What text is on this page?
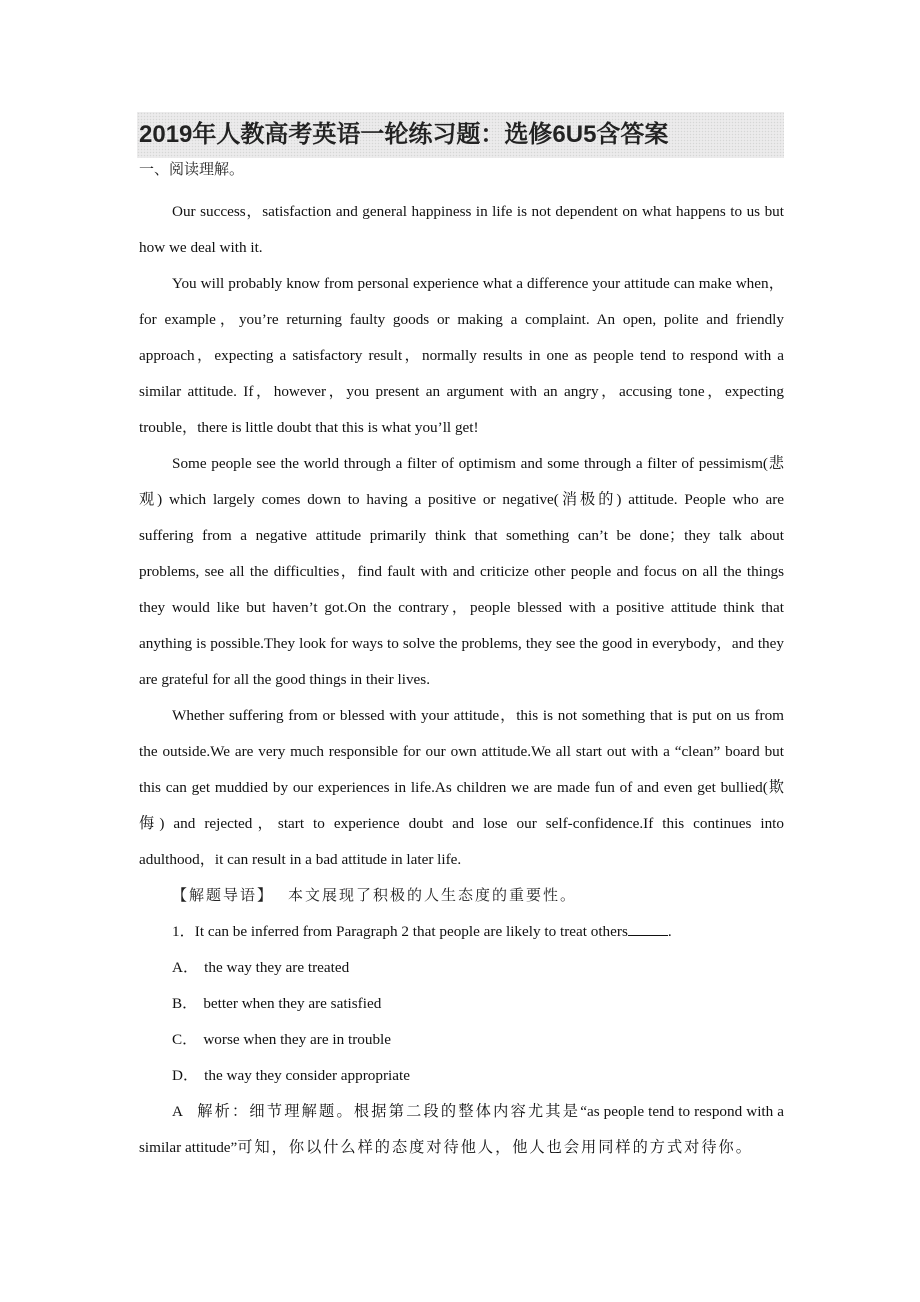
2019年人教高考英语一轮练习题：选修6U5含答案

一、阅读理解。

Our success，satisfaction and general happiness in life is not dependent on what happens to us but how we deal with it.

You will probably know from personal experience what a difference your attitude can make when，for example，you’re returning faulty goods or making a complaint. An open, polite and friendly approach，expecting a satisfactory result，normally results in one as people tend to respond with a similar attitude. If，however，you present an argument with an angry，accusing tone，expecting trouble，there is little doubt that this is what you’ll get!

Some people see the world through a filter of optimism and some through a filter of pessimism(悲观) which largely comes down to having a positive or negative(消极的) attitude. People who are suffering from a negative attitude primarily think that something can’t be done；they talk about problems, see all the difficulties，find fault with and criticize other people and focus on all the things they would like but haven’t got.On the contrary，people blessed with a positive attitude think that anything is possible.They look for ways to solve the problems, they see the good in everybody，and they are grateful for all the good things in their lives.

Whether suffering from or blessed with your attitude，this is not something that is put on us from the outside.We are very much responsible for our own attitude.We all start out with a “clean” board but this can get muddied by our experiences in life.As children we are made fun of and even get bullied(欺侮) and rejected，start to experience doubt and lose our self-confidence.If this continues into adulthood，it can result in a bad attitude in later life.

【解题导语】 本文展现了积极的人生态度的重要性。

1．It can be inferred from Paragraph 2 that people are likely to treat others	.

A． the way they are treated

B． better when they are satisfied

C． worse when they are in trouble

D． the way they consider appropriate

A 解析：细节理解题。根据第二段的整体内容尤其是“as people tend to respond with a similar attitude”可知，你以什么样的态度对待他人，他人也会用同样的方式对待你。
